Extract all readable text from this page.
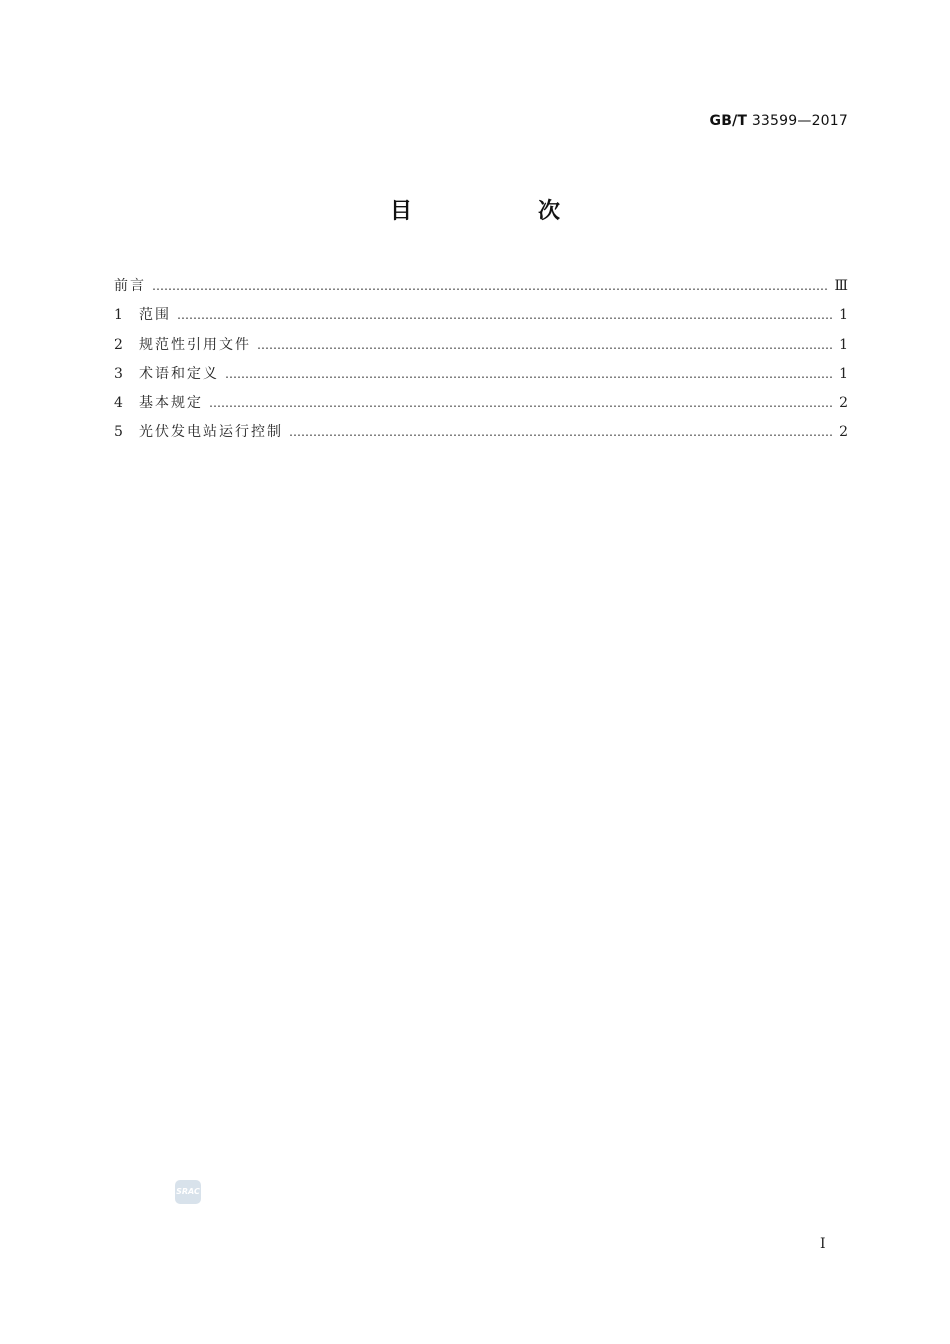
GB/T 33599—2017
目　次
前言 ………………………………………………………………………………………………………………………………………………………………………………………………………………………………………	Ⅲ
1	范围 ………………………………………………………………………………………………………………………………………………………………………………………………………………………………………	1
2	规范性引用文件 ………………………………………………………………………………………………………………………………………………………………………………………………………………………………………	1
3	术语和定义 ………………………………………………………………………………………………………………………………………………………………………………………………………………………………………	1
4	基本规定 ………………………………………………………………………………………………………………………………………………………………………………………………………………………………………	2
5	光伏发电站运行控制 ………………………………………………………………………………………………………………………………………………………………………………………………………………………………………	2
SRAC
Ⅰ
